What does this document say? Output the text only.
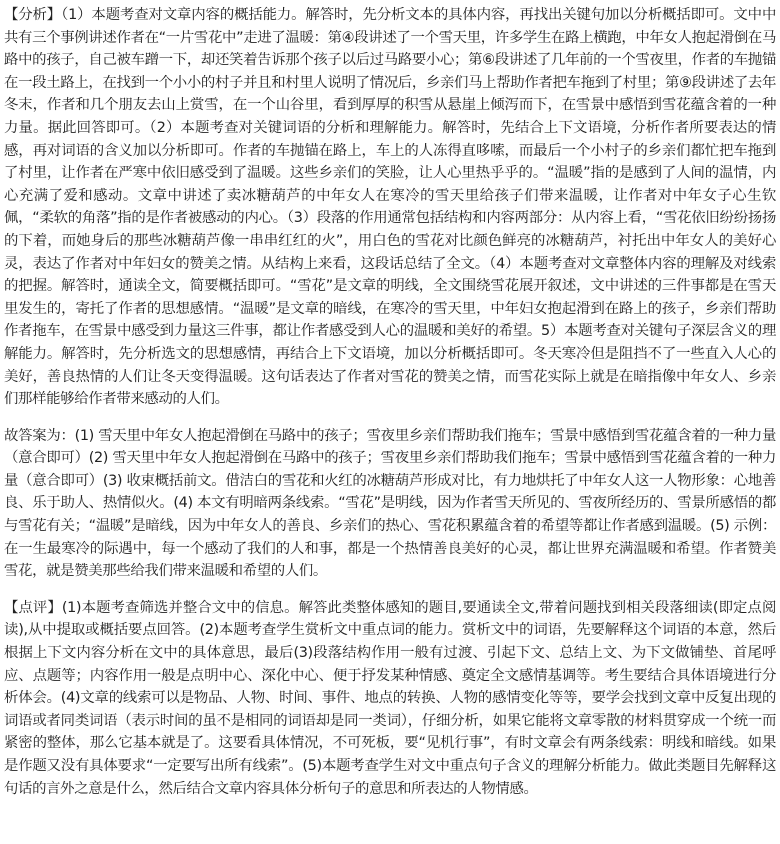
【分析】（1）本题考查对文章内容的概括能力。解答时，先分析文本的具体内容，再找出关键句加以分析概括即可。文中中共有三个事例讲述作者在“一片雪花中”走进了温暖：第④段讲述了一个雪天里，许多学生在路上横跑，中年女人抱起滑倒在马路中的孩子，自己被车蹭一下，却还笑着告诉那个孩子以后过马路要小心；第⑥段讲述了几年前的一个雪夜里，作者的车抛锚在一段土路上，在找到一个小小的村子并且和村里人说明了情况后，乡亲们马上帮助作者把车拖到了村里；第⑨段讲述了去年冬末，作者和几个朋友去山上赏雪，在一个山谷里，看到厚厚的积雪从悬崖上倾泻而下，在雪景中感悟到雪花蕴含着的一种力量。据此回答即可。（2）本题考查对关键词语的分析和理解能力。解答时，先结合上下文语境，分析作者所要表达的情感，再对词语的含义加以分析即可。作者的车抛锚在路上，车上的人冻得直哆嗦，而最后一个小村子的乡亲们都忙把车拖到了村里，让作者在严寒中依旧感受到了温暖。这些乡亲们的笑脸，让人心里热乎乎的。“温暖”指的是感到了人间的温情，内心充满了爱和感动。文章中讲述了卖冰糖葫芦的中年女人在寒冷的雪天里给孩子们带来温暖，让作者对中年女子心生钦佩，“柔软的角落”指的是作者被感动的内心。（3）段落的作用通常包括结构和内容两部分：从内容上看，“雪花依旧纷纷扬扬的下着，而她身后的那些冰糖葫芦像一串串红红的火”，用白色的雪花对比颜色鲜亮的冰糖葫芦，衬托出中年女人的美好心灵，表达了作者对中年妇女的赞美之情。从结构上来看，这段话总结了全文。（4）本题考查对文章整体内容的理解及对线索的把握。解答时，通读全文，简要概括即可。“雪花”是文章的明线，全文围绕雪花展开叙述，文中讲述的三件事都是在雪天里发生的，寄托了作者的思想感情。“温暖”是文章的暗线，在寒冷的雪天里，中年妇女抱起滑到在路上的孩子，乡亲们帮助作者拖车，在雪景中感受到力量这三件事，都让作者感受到人心的温暖和美好的希望。5）本题考查对关键句子深层含义的理解能力。解答时，先分析选文的思想感情，再结合上下文语境，加以分析概括即可。冬天寒冷但是阻挡不了一些直入人心的美好，善良热情的人们让冬天变得温暖。这句话表达了作者对雪花的赞美之情，而雪花实际上就是在暗指像中年女人、乡亲们那样能够给作者带来感动的人们。

故答案为：(1) 雪天里中年女人抱起滑倒在马路中的孩子；雪夜里乡亲们帮助我们拖车；雪景中感悟到雪花蕴含着的一种力量（意合即可）(2) 雪天里中年女人抱起滑倒在马路中的孩子；雪夜里乡亲们帮助我们拖车；雪景中感悟到雪花蕴含着的一种力量（意合即可）(3) 收束概括前文。借洁白的雪花和火红的冰糖葫芦形成对比，有力地烘托了中年女人这一人物形象：心地善良、乐于助人、热情似火。(4) 本文有明暗两条线索。“雪花”是明线，因为作者雪天所见的、雪夜所经历的、雪景所感悟的都与雪花有关；“温暖”是暗线，因为中年女人的善良、乡亲们的热心、雪花积累蕴含着的希望等都让作者感到温暖。(5) 示例：在一生最寒冷的际遇中，每一个感动了我们的人和事，都是一个热情善良美好的心灵，都让世界充满温暖和希望。作者赞美雪花，就是赞美那些给我们带来温暖和希望的人们。

【点评】(1)本题考查筛选并整合文中的信息。解答此类整体感知的题目,要通读全文,带着问题找到相关段落细读(即定点阅读),从中提取或概括要点回答。(2)本题考查学生赏析文中重点词的能力。赏析文中的词语，先要解释这个词语的本意，然后根据上下文内容分析在文中的具体意思，最后(3)段落结构作用一般有过渡、引起下文、总结上文、为下文做铺垫、首尾呼应、点题等；内容作用一般是点明中心、深化中心、便于抒发某种情感、奠定全文感情基调等。考生要结合具体语境进行分析体会。(4)文章的线索可以是物品、人物、时间、事件、地点的转换、人物的感情变化等等，要学会找到文章中反复出现的词语或者同类词语（表示时间的虽不是相同的词语却是同一类词），仔细分析，如果它能将文章零散的材料贯穿成一个统一而紧密的整体，那么它基本就是了。这要看具体情况，不可死板，要“见机行事”，有时文章会有两条线索：明线和暗线。如果是作题又没有具体要求“一定要写出所有线索”。(5)本题考查学生对文中重点句子含义的理解分析能力。做此类题目先解释这句话的言外之意是什么，然后结合文章内容具体分析句子的意思和所表达的人物情感。
